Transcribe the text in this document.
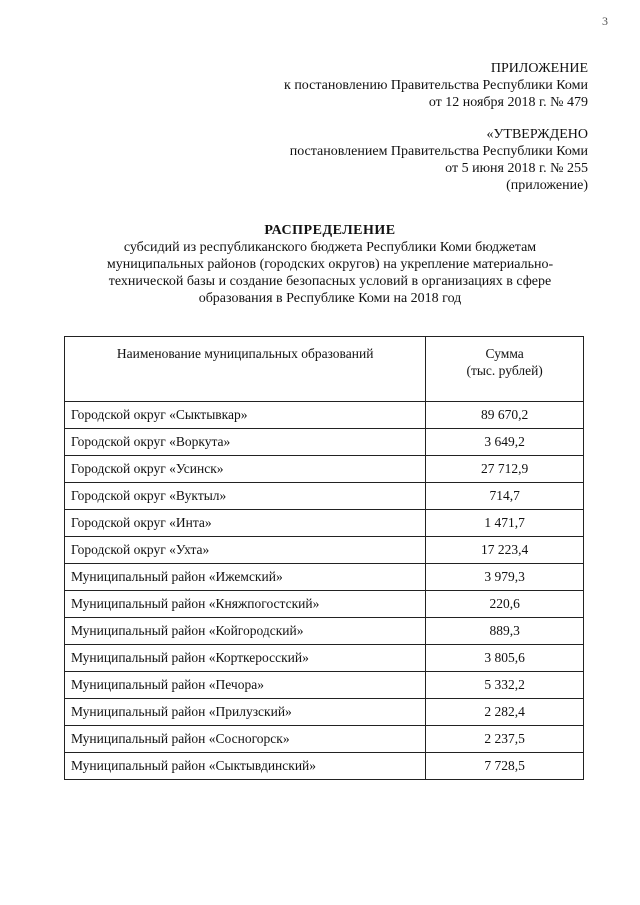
3
ПРИЛОЖЕНИЕ
к постановлению Правительства Республики Коми
от 12 ноября 2018 г. № 479
«УТВЕРЖДЕНО
постановлением Правительства Республики Коми
от 5 июня 2018 г. № 255
(приложение)
РАСПРЕДЕЛЕНИЕ
субсидий из республиканского бюджета Республики Коми бюджетам
муниципальных районов (городских округов) на укрепление материально-
технической базы и создание безопасных условий в организациях в сфере
образования в Республике Коми на 2018 год
Наименование муниципальных образований	Сумма
(тыс. рублей)

Городской округ «Сыктывкар»	89 670,2
Городской округ «Воркута»	3 649,2
Городской округ «Усинск»	27 712,9
Городской округ «Вуктыл»	714,7
Городской округ «Инта»	1 471,7
Городской округ «Ухта»	17 223,4
Муниципальный район «Ижемский»	3 979,3
Муниципальный район «Княжпогостский»	220,6
Муниципальный район «Койгородский»	889,3
Муниципальный район «Корткеросский»	3 805,6
Муниципальный район «Печора»	5 332,2
Муниципальный район «Прилузский»	2 282,4
Муниципальный район «Сосногорск»	2 237,5
Муниципальный район «Сыктывдинский»	7 728,5
